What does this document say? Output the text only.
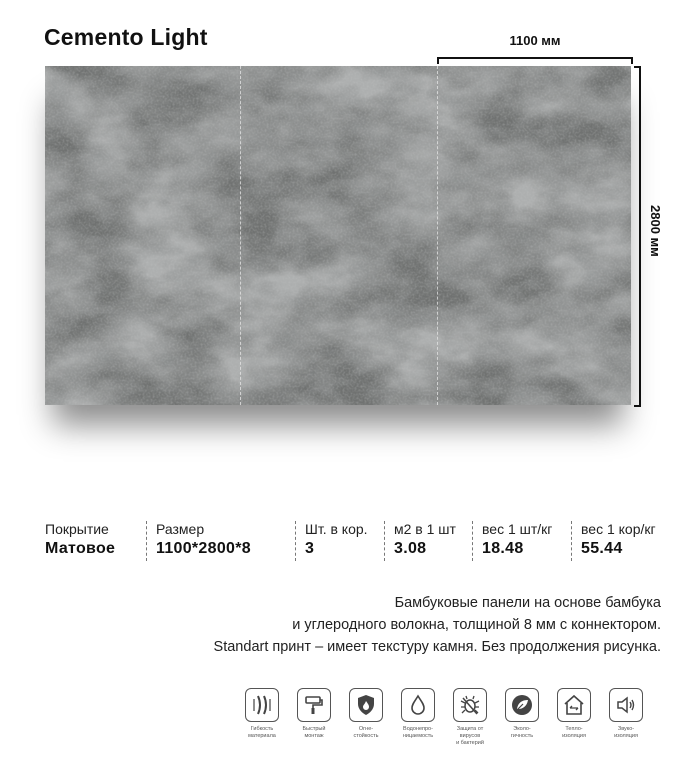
Cemento Light	1100 мм
2800 мм
Покрытие
Матовое
Размер
1100*2800*8
Шт. в кор.
3
м2 в 1 шт
3.08
вес 1 шт/кг
18.48
вес 1 кор/кг
55.44
Бамбуковые панели на основе бамбука
и углеродного волокна, толщиной 8 мм с коннектором.
Standart принт – имеет текстуру камня. Без продолжения рисунка.
Гибкость
материала
Быстрый
монтаж
Огне-
стойкость
Водонепро-
ницаемость
Защита от
вирусов
и бактерий
Эколо-
гичность
Тепло-
изоляция
Звуко-
изоляция
